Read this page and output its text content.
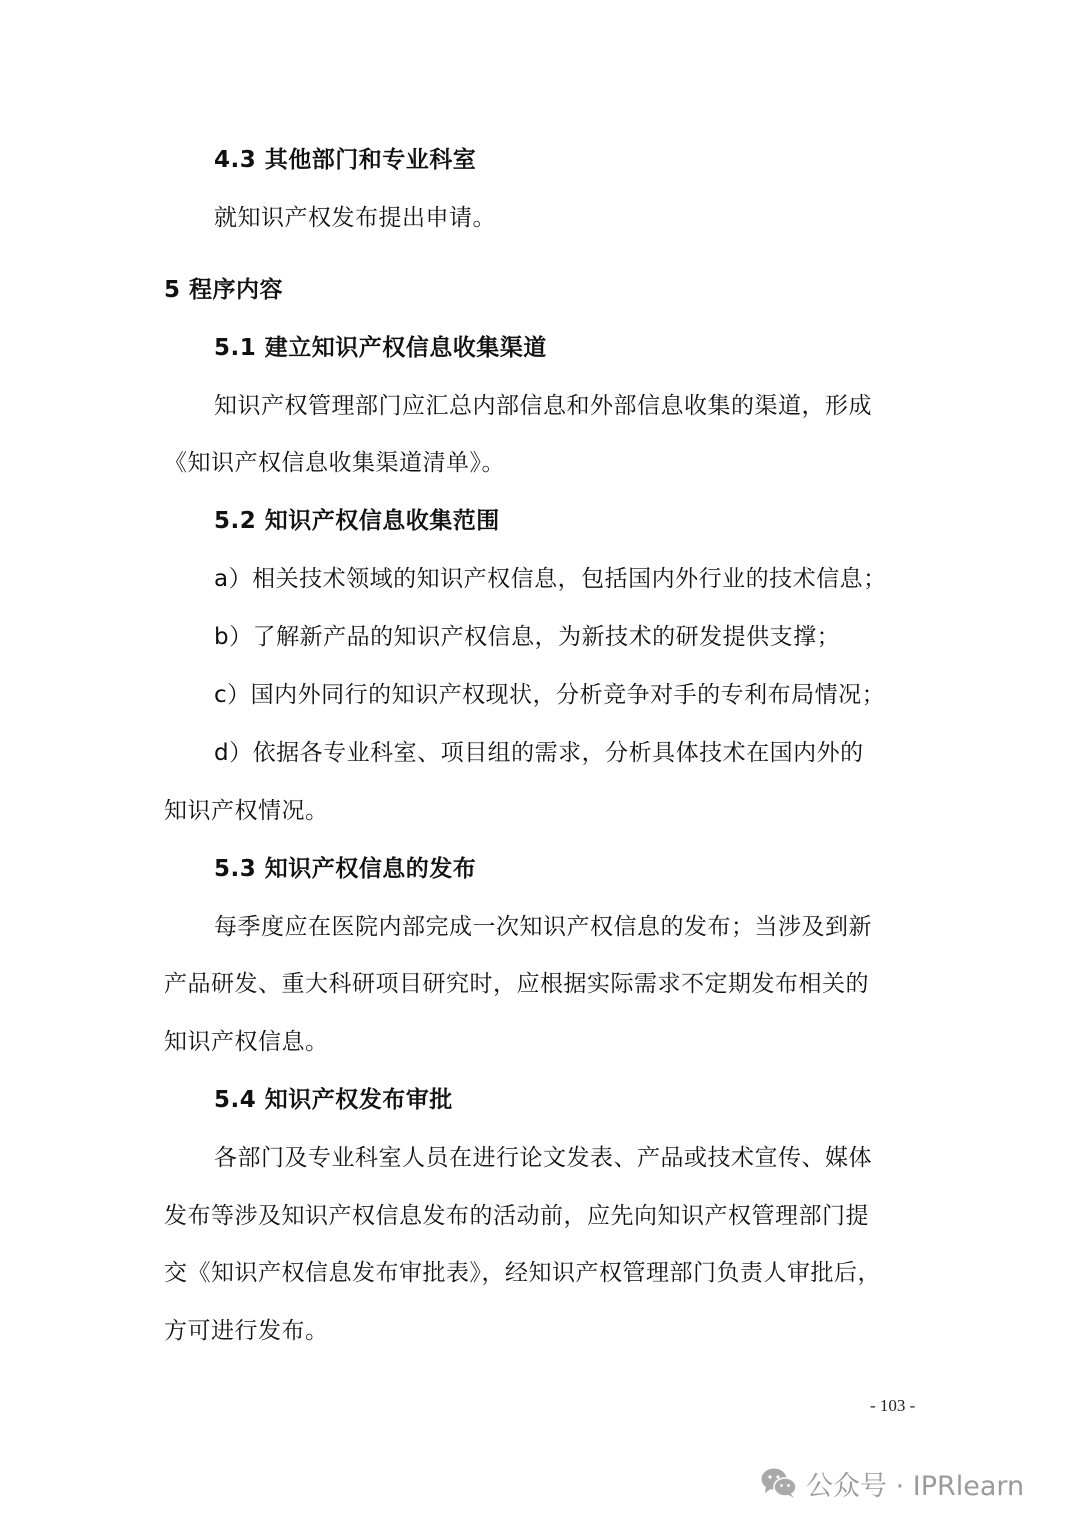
4.3 其他部门和专业科室
就知识产权发布提出申请。
5 程序内容
5.1 建立知识产权信息收集渠道
知识产权管理部门应汇总内部信息和外部信息收集的渠道，形成
《知识产权信息收集渠道清单》。
5.2 知识产权信息收集范围
a）相关技术领域的知识产权信息，包括国内外行业的技术信息；
b）了解新产品的知识产权信息，为新技术的研发提供支撑；
c）国内外同行的知识产权现状，分析竞争对手的专利布局情况；
d）依据各专业科室、项目组的需求，分析具体技术在国内外的
知识产权情况。
5.3 知识产权信息的发布
每季度应在医院内部完成一次知识产权信息的发布；当涉及到新
产品研发、重大科研项目研究时，应根据实际需求不定期发布相关的
知识产权信息。
5.4 知识产权发布审批
各部门及专业科室人员在进行论文发表、产品或技术宣传、媒体
发布等涉及知识产权信息发布的活动前，应先向知识产权管理部门提
交《知识产权信息发布审批表》，经知识产权管理部门负责人审批后，
方可进行发布。
- 103 -
公众号 · IPRlearn
